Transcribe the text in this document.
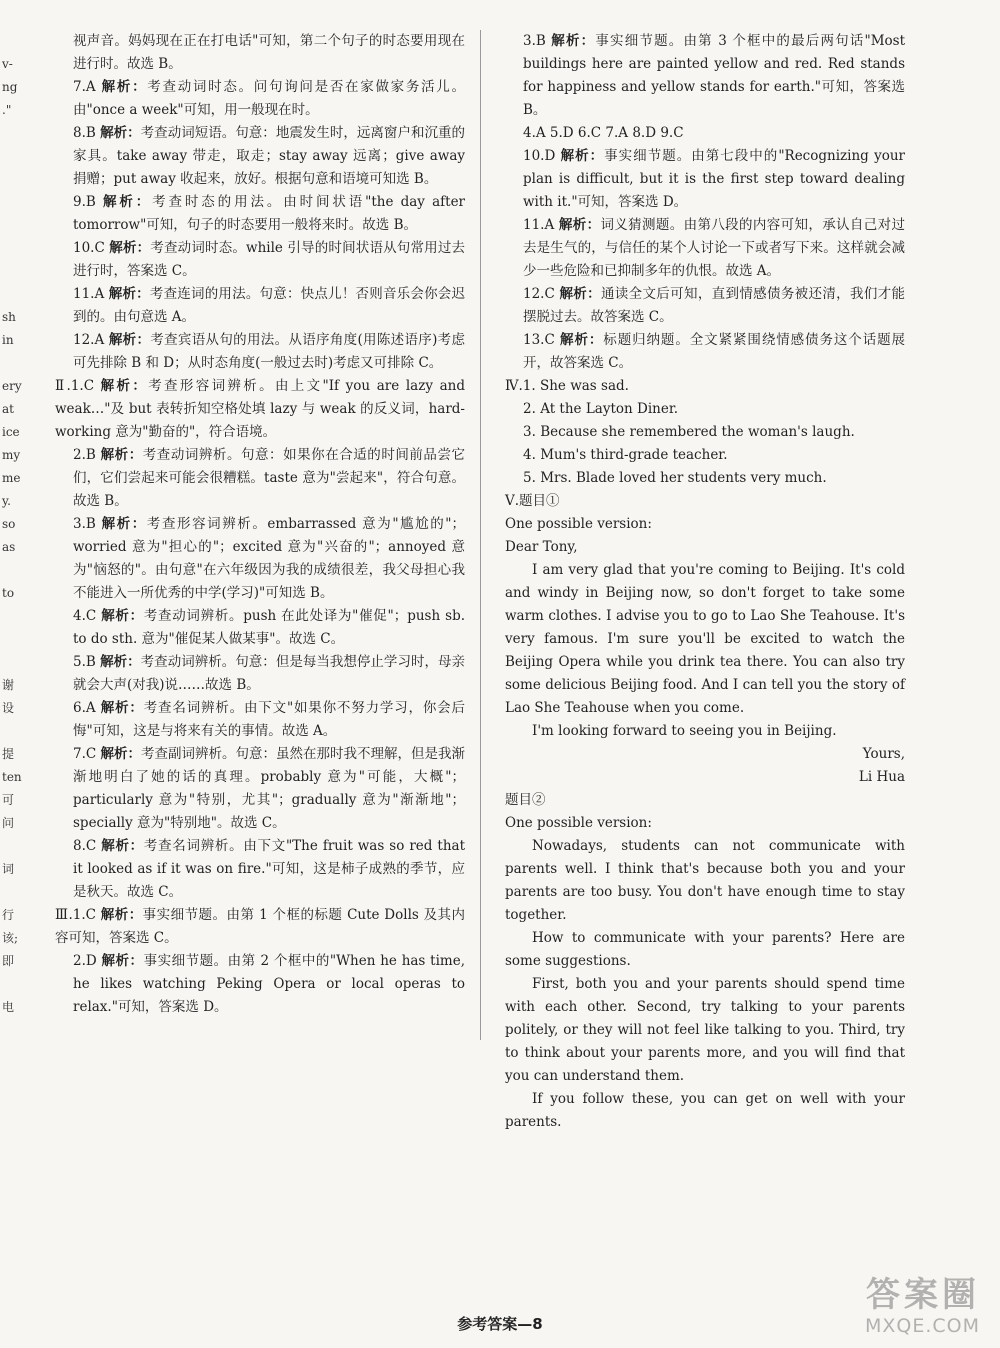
v-
ng
."
sh
in
ery
at
ice
my
me
y.
so
as
to
谢
设
提
ten
可
问
词
行
该;
即
电
视声音。妈妈现在正在打电话"可知，第二个句子的时态要用现在进行时。故选 B。
7.A 解析：考查动词时态。问句询问是否在家做家务活儿。由"once a week"可知，用一般现在时。
8.B 解析：考查动词短语。句意：地震发生时，远离窗户和沉重的家具。take away 带走，取走；stay away 远离；give away 捐赠；put away 收起来，放好。根据句意和语境可知选 B。
9.B 解析：考查时态的用法。由时间状语"the day after tomorrow"可知，句子的时态要用一般将来时。故选 B。
10.C 解析：考查动词时态。while 引导的时间状语从句常用过去进行时，答案选 C。
11.A 解析：考查连词的用法。句意：快点儿！否则音乐会你会迟到的。由句意选 A。
12.A 解析：考查宾语从句的用法。从语序角度(用陈述语序)考虑可先排除 B 和 D；从时态角度(一般过去时)考虑又可排除 C。
Ⅱ.1.C 解析：考查形容词辨析。由上文"If you are lazy and weak…"及 but 表转折知空格处填 lazy 与 weak 的反义词，hard-working 意为"勤奋的"，符合语境。
2.B 解析：考查动词辨析。句意：如果你在合适的时间前品尝它们，它们尝起来可能会很糟糕。taste 意为"尝起来"，符合句意。故选 B。
3.B 解析：考查形容词辨析。embarrassed 意为"尴尬的"；worried 意为"担心的"；excited 意为"兴奋的"；annoyed 意为"恼怒的"。由句意"在六年级因为我的成绩很差，我父母担心我不能进入一所优秀的中学(学习)"可知选 B。
4.C 解析：考查动词辨析。push 在此处译为"催促"；push sb. to do sth. 意为"催促某人做某事"。故选 C。
5.B 解析：考查动词辨析。句意：但是每当我想停止学习时，母亲就会大声(对我)说……故选 B。
6.A 解析：考查名词辨析。由下文"如果你不努力学习，你会后悔"可知，这是与将来有关的事情。故选 A。
7.C 解析：考查副词辨析。句意：虽然在那时我不理解，但是我渐渐地明白了她的话的真理。probably 意为"可能，大概"；particularly 意为"特别，尤其"；gradually 意为"渐渐地"；specially 意为"特别地"。故选 C。
8.C 解析：考查名词辨析。由下文"The fruit was so red that it looked as if it was on fire."可知，这是柿子成熟的季节，应是秋天。故选 C。
Ⅲ.1.C 解析：事实细节题。由第 1 个框的标题 Cute Dolls 及其内容可知，答案选 C。
2.D 解析：事实细节题。由第 2 个框中的"When he has time, he likes watching Peking Opera or local operas to relax."可知，答案选 D。
3.B 解析：事实细节题。由第 3 个框中的最后两句话"Most buildings here are painted yellow and red. Red stands for happiness and yellow stands for earth."可知，答案选 B。
4.A 5.D 6.C 7.A 8.D 9.C
10.D 解析：事实细节题。由第七段中的"Recognizing your plan is difficult, but it is the first step toward dealing with it."可知，答案选 D。
11.A 解析：词义猜测题。由第八段的内容可知，承认自己对过去是生气的，与信任的某个人讨论一下或者写下来。这样就会减少一些危险和已抑制多年的仇恨。故选 A。
12.C 解析：通读全文后可知，直到情感债务被还清，我们才能摆脱过去。故答案选 C。
13.C 解析：标题归纳题。全文紧紧围绕情感债务这个话题展开，故答案选 C。
Ⅳ.1. She was sad.
2. At the Layton Diner.
3. Because she remembered the woman's laugh.
4. Mum's third-grade teacher.
5. Mrs. Blade loved her students very much.
Ⅴ.题目①
One possible version:
Dear Tony,
I am very glad that you're coming to Beijing. It's cold and windy in Beijing now, so don't forget to take some warm clothes. I advise you to go to Lao She Teahouse. It's very famous. I'm sure you'll be excited to watch the Beijing Opera while you drink tea there. You can also try some delicious Beijing food. And I can tell you the story of Lao She Teahouse when you come.
I'm looking forward to seeing you in Beijing.
Yours,
Li Hua
题目②
One possible version:
Nowadays, students can not communicate with parents well. I think that's because both you and your parents are too busy. You don't have enough time to stay together.
How to communicate with your parents? Here are some suggestions.
First, both you and your parents should spend time with each other. Second, try talking to your parents politely, or they will not feel like talking to you. Third, try to think about your parents more, and you will find that you can understand them.
If you follow these, you can get on well with your parents.
参考答案—8
答案圈
MXQE.COM
